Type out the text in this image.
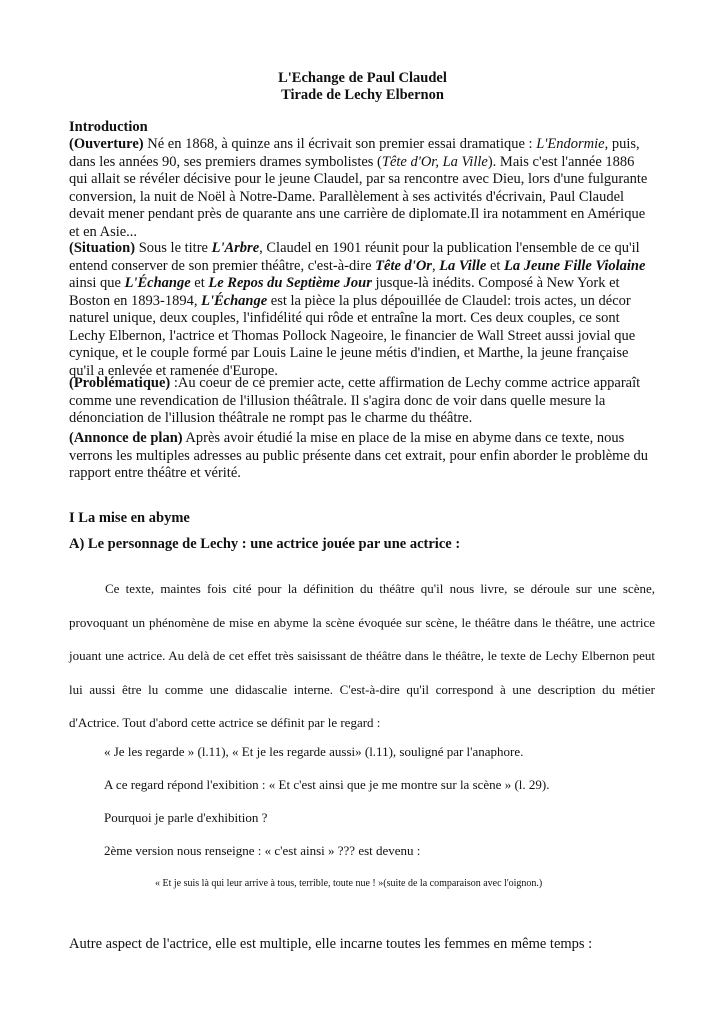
L'Echange de Paul Claudel
Tirade de Lechy Elbernon
Introduction
(Ouverture) Né en 1868, à quinze ans il écrivait son premier essai dramatique : L'Endormie, puis, dans les années 90, ses premiers drames symbolistes (Tête d'Or, La Ville). Mais c'est l'année 1886 qui allait se révéler décisive pour le jeune Claudel, par sa rencontre avec Dieu, lors d'une fulgurante conversion, la nuit de Noël à Notre-Dame. Parallèlement à ses activités d'écrivain, Paul Claudel devait mener pendant près de quarante ans une carrière de diplomate.Il ira notamment en Amérique et en Asie...
(Situation) Sous le titre L'Arbre, Claudel en 1901 réunit pour la publication l'ensemble de ce qu'il entend conserver de son premier théâtre, c'est-à-dire Tête d'Or, La Ville et La Jeune Fille Violaine ainsi que L'Échange et Le Repos du Septième Jour jusque-là inédits. Composé à New York et Boston en 1893-1894, L'Échange est la pièce la plus dépouillée de Claudel: trois actes, un décor naturel unique, deux couples, l'infidélité qui rôde et entraîne la mort. Ces deux couples, ce sont Lechy Elbernon, l'actrice et Thomas Pollock Nageoire, le financier de Wall Street aussi jovial que cynique, et le couple formé par Louis Laine le jeune métis d'indien, et Marthe, la jeune française qu'il a enlevée et ramenée d'Europe.
(Problématique) :Au coeur de ce premier acte, cette affirmation de Lechy comme actrice apparaît comme une revendication de l'illusion théâtrale. Il s'agira donc de voir dans quelle mesure la dénonciation de l'illusion théâtrale ne rompt pas le charme du théâtre.
(Annonce de plan) Après avoir étudié la mise en place de la mise en abyme dans ce texte, nous verrons les multiples adresses au public présente dans cet extrait, pour enfin aborder le problème du rapport entre théâtre et vérité.
I La mise en abyme
A) Le personnage de Lechy : une actrice jouée par une actrice :
Ce texte, maintes fois cité pour la définition du théâtre qu'il nous livre, se déroule sur une scène, provoquant un phénomène de mise en abyme la scène évoquée sur scène, le théâtre dans le théâtre, une actrice jouant une actrice. Au delà de cet effet très saisissant de théâtre dans le théâtre, le texte de Lechy Elbernon peut lui aussi être lu comme une didascalie interne. C'est-à-dire qu'il correspond à une description du métier d'Actrice. Tout d'abord cette actrice se définit par le regard :
« Je les regarde » (l.11), « Et je les regarde aussi» (l.11), souligné par l'anaphore.
A ce regard répond l'exibition : « Et c'est ainsi que je me montre sur la scène » (l. 29).
Pourquoi je parle d'exhibition ?
2ème version nous renseigne : « c'est ainsi » ??? est devenu :
« Et je suis là qui leur arrive à tous, terrible, toute nue ! »(suite de la comparaison avec l'oignon.)
Autre aspect de l'actrice, elle est multiple, elle incarne toutes les femmes en même temps :
